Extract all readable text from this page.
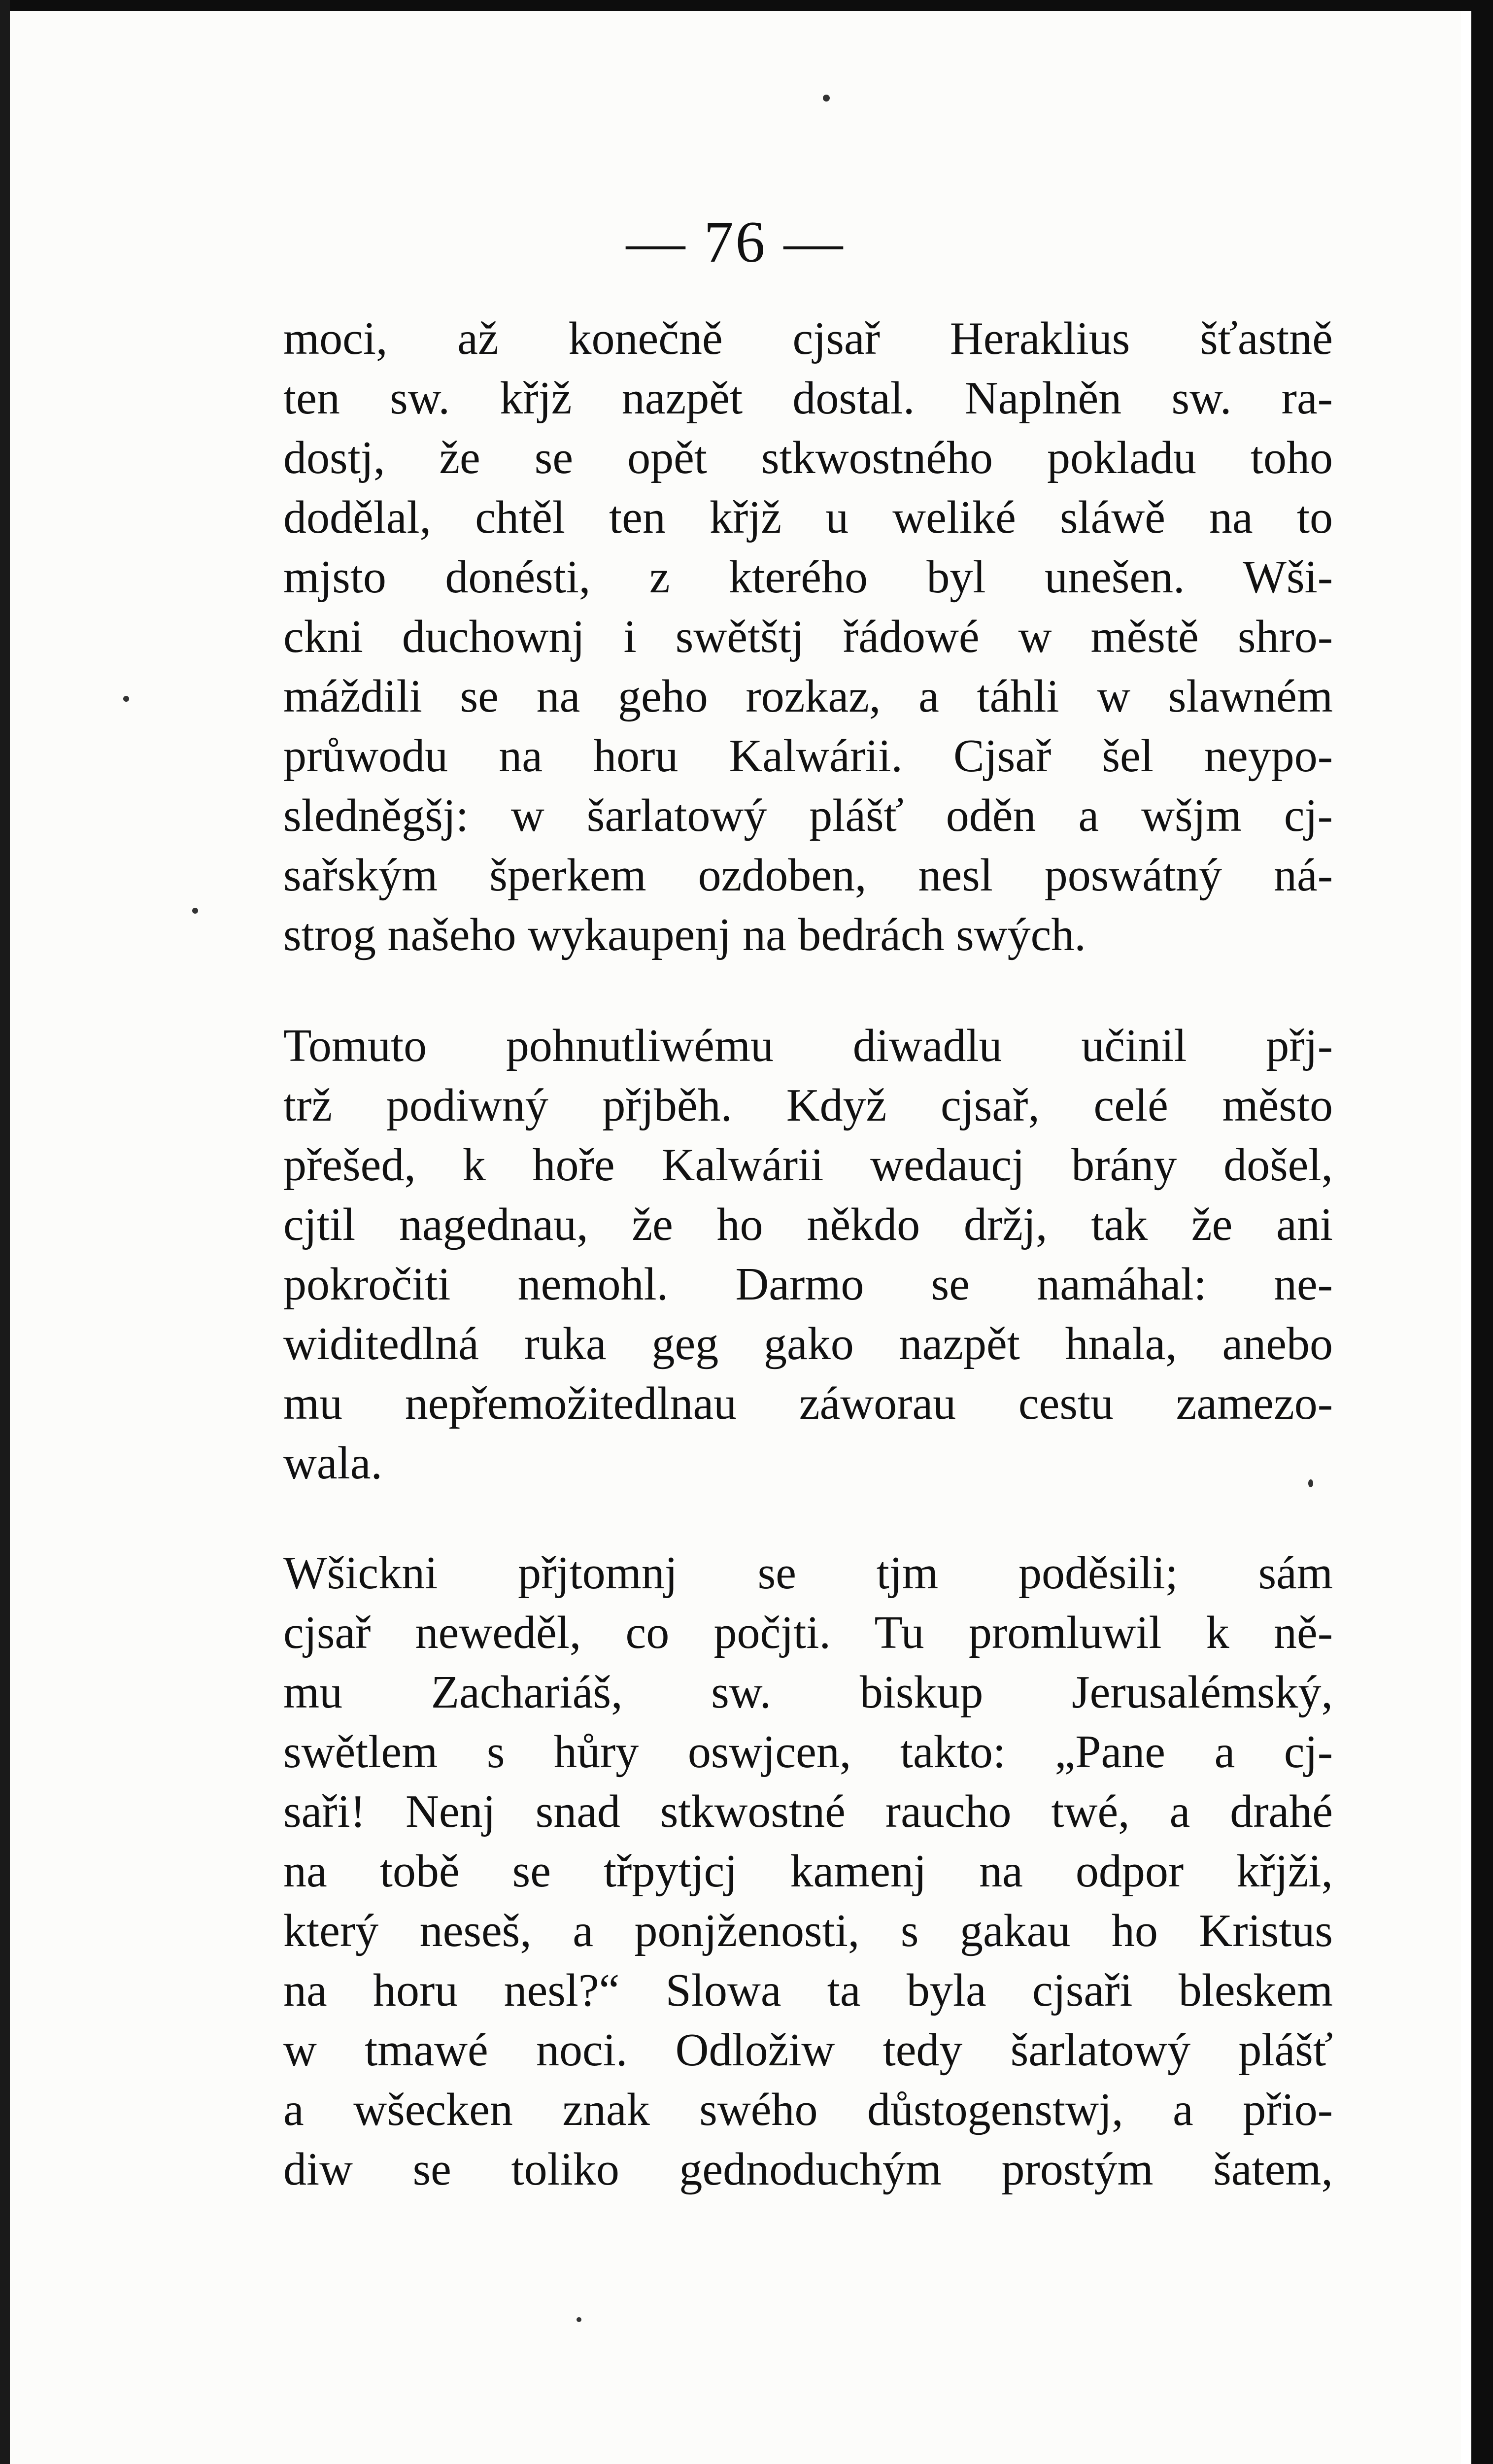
— 76 —
moci, až konečně cjsař Heraklius šťastně
ten sw. křjž nazpět dostal. Naplněn sw. ra-
dostj, že se opět stkwostného pokladu toho
dodělal, chtěl ten křjž u weliké sláwě na to
mjsto donésti, z kterého byl unešen. Wši-
ckni duchownj i swětštj řádowé w městě shro-
máždili se na geho rozkaz, a táhli w slawném
průwodu na horu Kalwárii. Cjsař šel neypo-
sledněgšj: w šarlatowý plášť oděn a wšjm cj-
sařským šperkem ozdoben, nesl poswátný ná-
strog našeho wykaupenj na bedrách swých.
Tomuto pohnutliwému diwadlu učinil přj-
trž podiwný přjběh. Když cjsař, celé město
přešed, k hoře Kalwárii wedaucj brány došel,
cjtil nagednau, že ho někdo držj, tak že ani
pokročiti nemohl. Darmo se namáhal: ne-
widitedlná ruka geg gako nazpět hnala, anebo
mu nepřemožitedlnau záworau cestu zamezo-
wala.
Wšickni přjtomnj se tjm poděsili; sám
cjsař neweděl, co počjti. Tu promluwil k ně-
mu Zachariáš, sw. biskup Jerusalémský,
swětlem s hůry oswjcen, takto: „Pane a cj-
saři! Nenj snad stkwostné raucho twé, a drahé
na tobě se třpytjcj kamenj na odpor křjži,
který neseš, a ponjženosti, s gakau ho Kristus
na horu nesl?“ Slowa ta byla cjsaři bleskem
w tmawé noci. Odložiw tedy šarlatowý plášť
a wšecken znak swého důstogenstwj, a přio-
diw se toliko gednoduchým prostým šatem,
